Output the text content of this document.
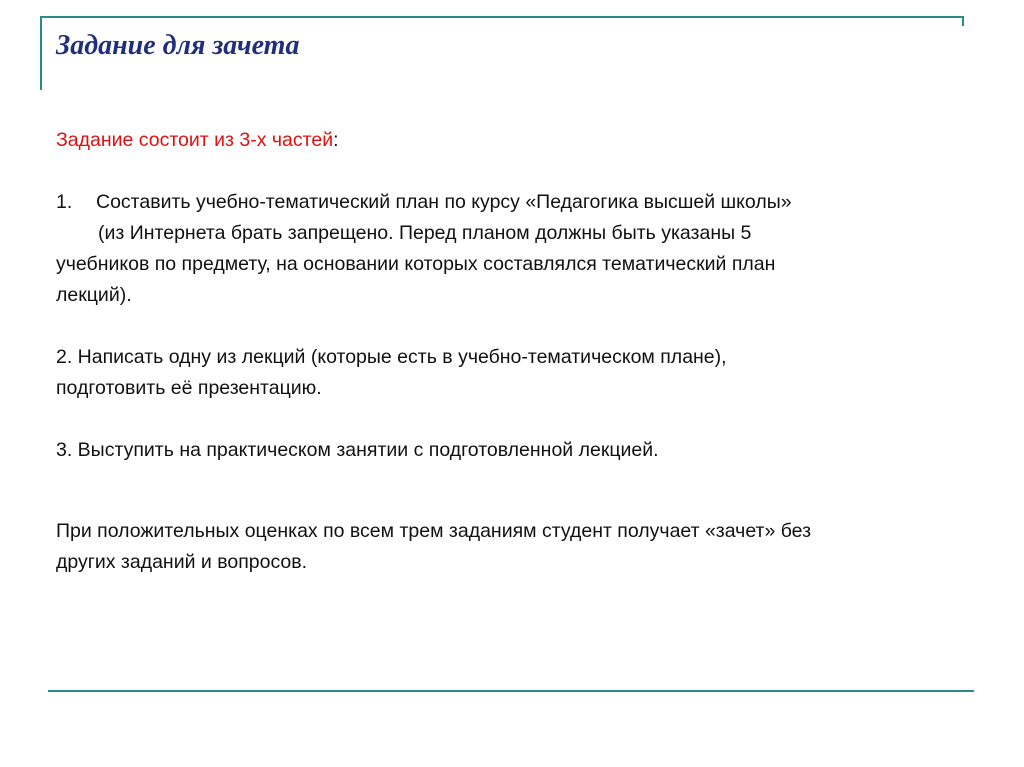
Задание для зачета
Задание состоит из 3-х частей:
1. Составить учебно-тематический план по курсу «Педагогика высшей школы»
(из Интернета брать запрещено. Перед планом должны быть указаны 5
учебников по предмету, на основании которых составлялся тематический план
лекций).
2. Написать одну из лекций (которые есть в учебно-тематическом плане),
подготовить её презентацию.
3. Выступить на практическом занятии с подготовленной лекцией.
При положительных оценках по всем трем заданиям студент получает «зачет» без
других заданий и вопросов.
